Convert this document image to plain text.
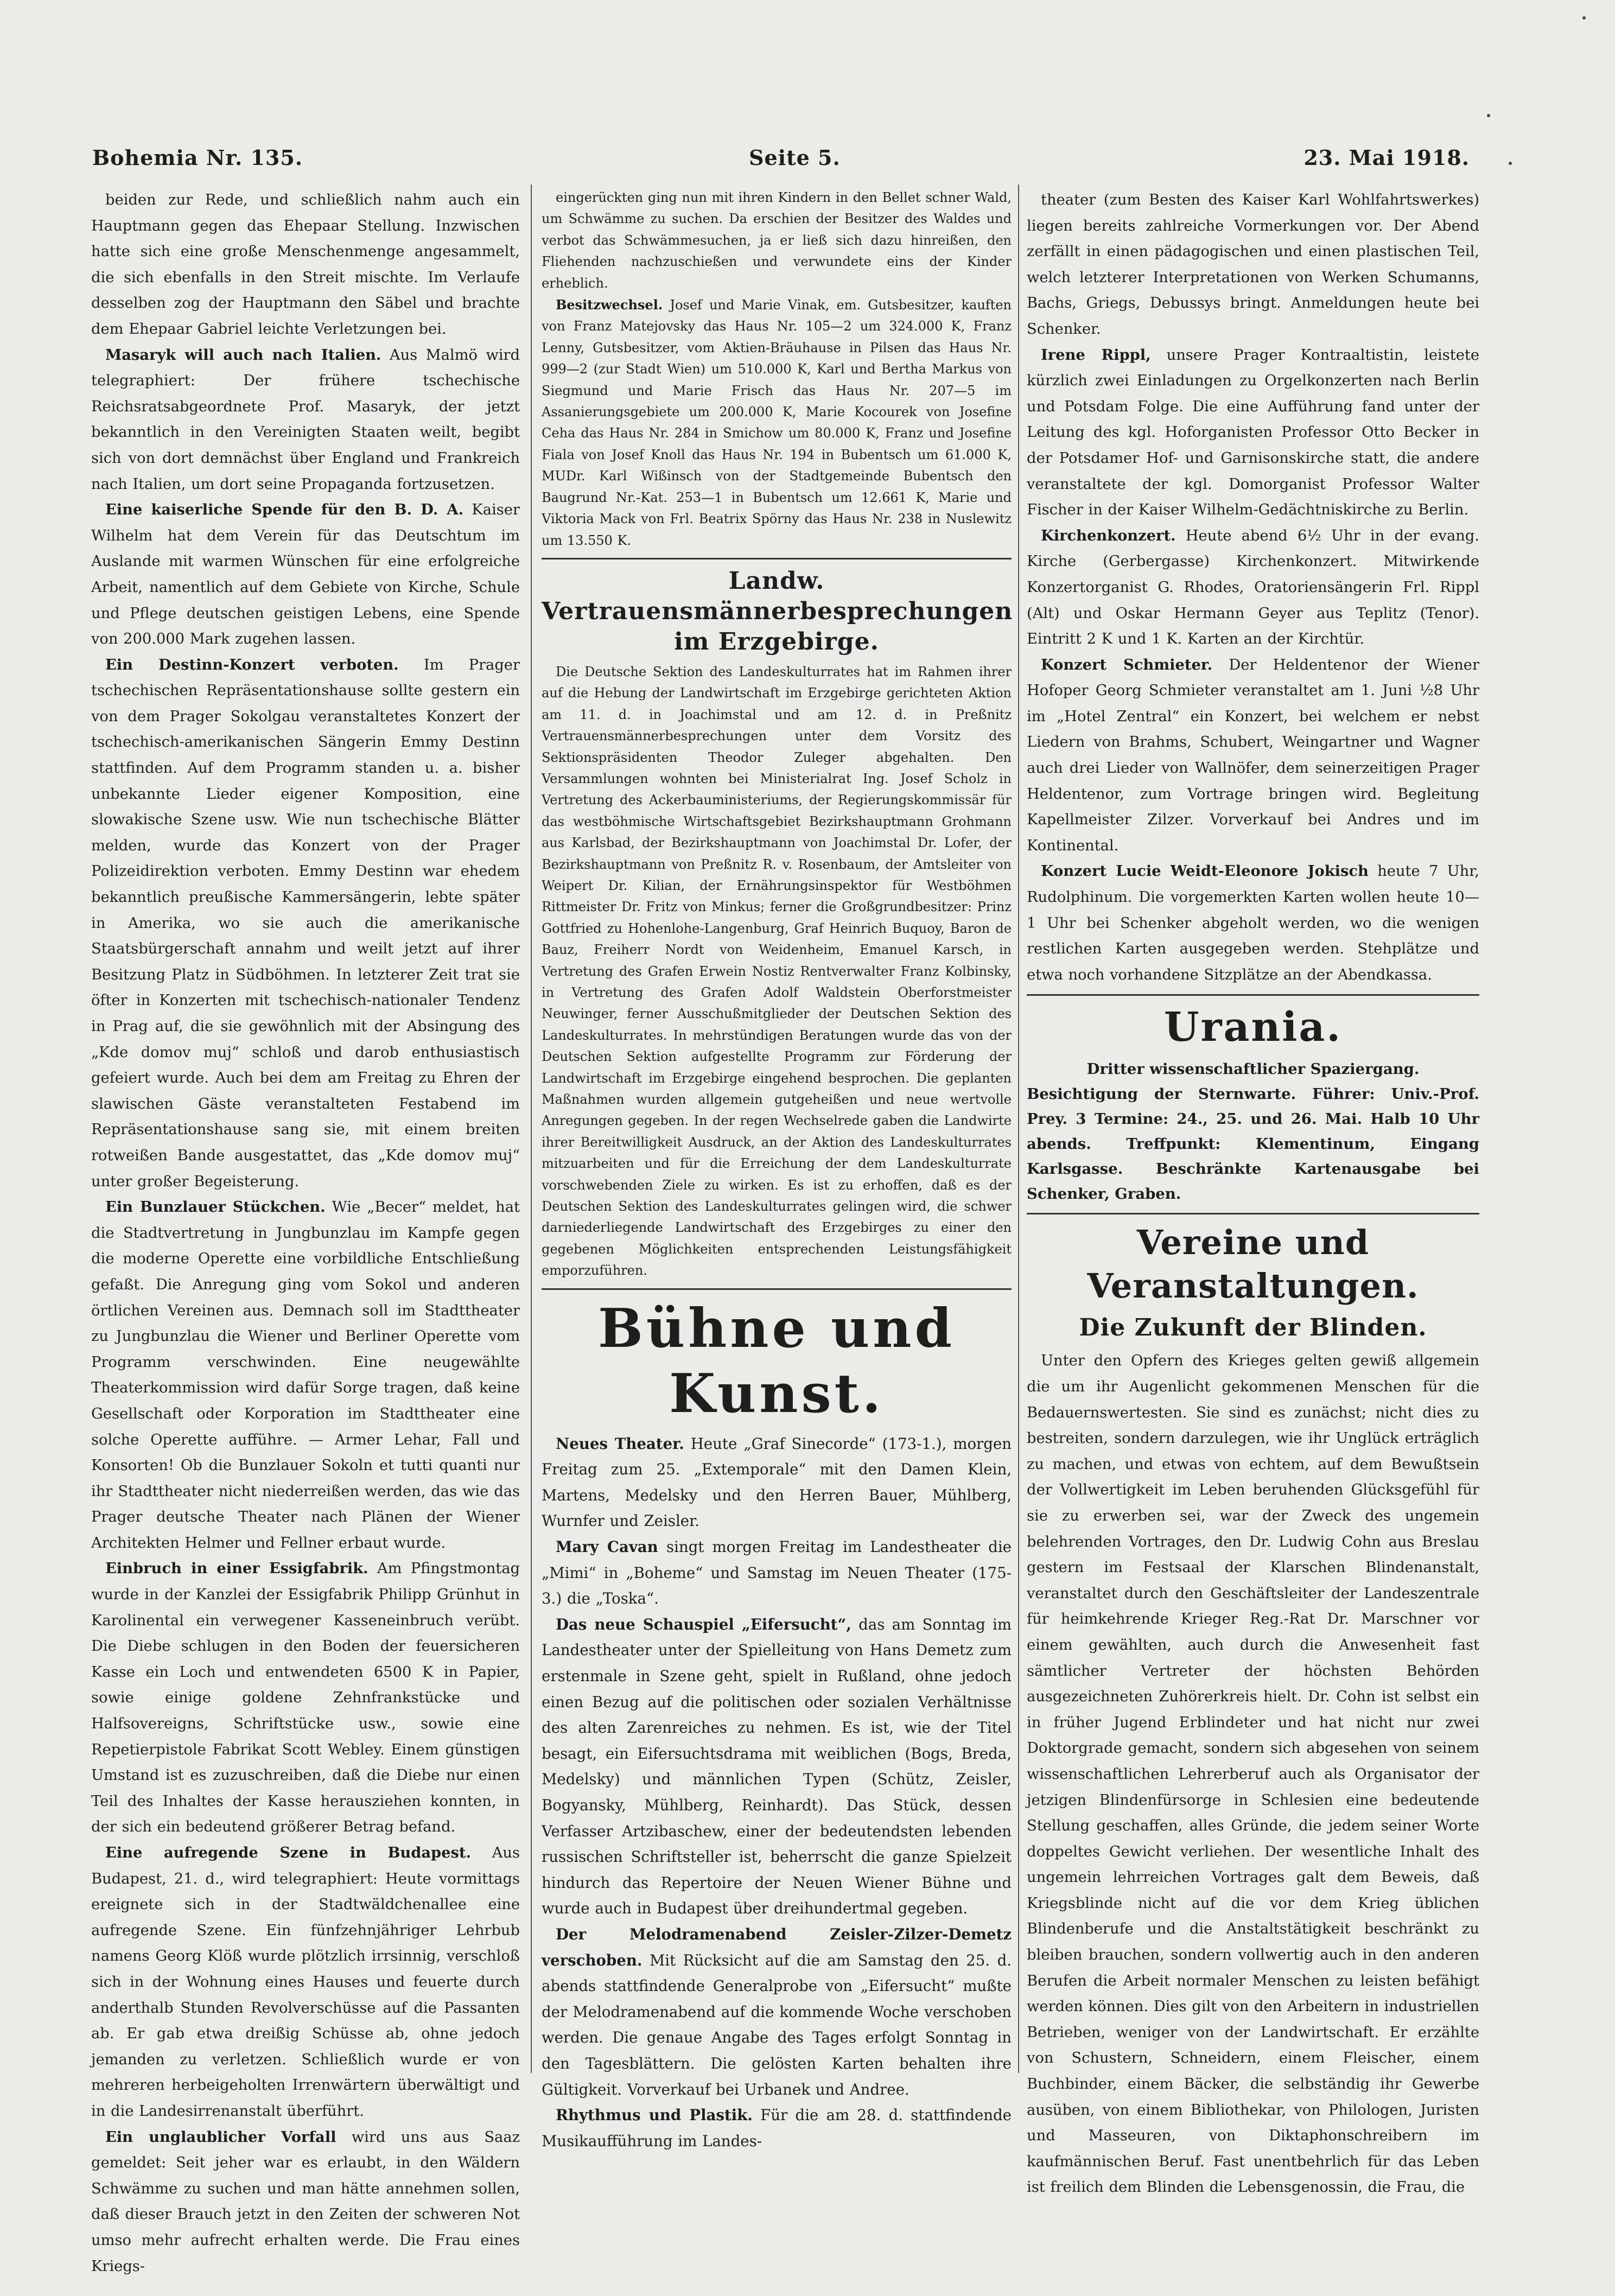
Bohemia Nr. 135.	Seite 5.	23. Mai 1918.

beiden zur Rede, und schließlich nahm auch ein Hauptmann gegen das Ehepaar Stellung. Inzwischen hatte sich eine große Menschenmenge angesammelt, die sich ebenfalls in den Streit mischte. Im Verlaufe desselben zog der Hauptmann den Säbel und brachte dem Ehepaar Gabriel leichte Verletzungen bei.

Masaryk will auch nach Italien. Aus Malmö wird telegraphiert: Der frühere tschechische Reichsratsabgeordnete Prof. Masaryk, der jetzt bekanntlich in den Vereinigten Staaten weilt, begibt sich von dort demnächst über England und Frankreich nach Italien, um dort seine Propaganda fortzusetzen.

Eine kaiserliche Spende für den B. D. A. Kaiser Wilhelm hat dem Verein für das Deutschtum im Auslande mit warmen Wünschen für eine erfolgreiche Arbeit, namentlich auf dem Gebiete von Kirche, Schule und Pflege deutschen geistigen Lebens, eine Spende von 200.000 Mark zugehen lassen.

Ein Destinn-Konzert verboten. Im Prager tschechischen Repräsentationshause sollte gestern ein von dem Prager Sokolgau veranstaltetes Konzert der tschechisch-amerikanischen Sängerin Emmy Destinn stattfinden. Auf dem Programm standen u. a. bisher unbekannte Lieder eigener Komposition, eine slowakische Szene usw. Wie nun tschechische Blätter melden, wurde das Konzert von der Prager Polizeidirektion verboten. Emmy Destinn war ehedem bekanntlich preußische Kammersängerin, lebte später in Amerika, wo sie auch die amerikanische Staatsbürgerschaft annahm und weilt jetzt auf ihrer Besitzung Platz in Südböhmen. In letzterer Zeit trat sie öfter in Konzerten mit tschechisch-nationaler Tendenz in Prag auf, die sie gewöhnlich mit der Absingung des „Kde domov muj“ schloß und darob enthusiastisch gefeiert wurde. Auch bei dem am Freitag zu Ehren der slawischen Gäste veranstalteten Festabend im Repräsentationshause sang sie, mit einem breiten rotweißen Bande ausgestattet, das „Kde domov muj“ unter großer Begeisterung.

Ein Bunzlauer Stückchen. Wie „Becer“ meldet, hat die Stadtvertretung in Jungbunzlau im Kampfe gegen die moderne Operette eine vorbildliche Entschließung gefaßt. Die Anregung ging vom Sokol und anderen örtlichen Vereinen aus. Demnach soll im Stadttheater zu Jungbunzlau die Wiener und Berliner Operette vom Programm verschwinden. Eine neugewählte Theaterkommission wird dafür Sorge tragen, daß keine Gesellschaft oder Korporation im Stadttheater eine solche Operette aufführe. — Armer Lehar, Fall und Konsorten! Ob die Bunzlauer Sokoln et tutti quanti nur ihr Stadttheater nicht niederreißen werden, das wie das Prager deutsche Theater nach Plänen der Wiener Architekten Helmer und Fellner erbaut wurde.

Einbruch in einer Essigfabrik. Am Pfingstmontag wurde in der Kanzlei der Essigfabrik Philipp Grünhut in Karolinental ein verwegener Kasseneinbruch verübt. Die Diebe schlugen in den Boden der feuersicheren Kasse ein Loch und entwendeten 6500 K in Papier, sowie einige goldene Zehnfrankstücke und Halfsovereigns, Schriftstücke usw., sowie eine Repetierpistole Fabrikat Scott Webley. Einem günstigen Umstand ist es zuzuschreiben, daß die Diebe nur einen Teil des Inhaltes der Kasse herausziehen konnten, in der sich ein bedeutend größerer Betrag befand.

Eine aufregende Szene in Budapest. Aus Budapest, 21. d., wird telegraphiert: Heute vormittags ereignete sich in der Stadtwäldchenallee eine aufregende Szene. Ein fünfzehnjähriger Lehrbub namens Georg Klöß wurde plötzlich irrsinnig, verschloß sich in der Wohnung eines Hauses und feuerte durch anderthalb Stunden Revolverschüsse auf die Passanten ab. Er gab etwa dreißig Schüsse ab, ohne jedoch jemanden zu verletzen. Schließlich wurde er von mehreren herbeigeholten Irrenwärtern überwältigt und in die Landesirrenanstalt überführt.

Ein unglaublicher Vorfall wird uns aus Saaz gemeldet: Seit jeher war es erlaubt, in den Wäldern Schwämme zu suchen und man hätte annehmen sollen, daß dieser Brauch jetzt in den Zeiten der schweren Not umso mehr aufrecht erhalten werde. Die Frau eines Kriegs-

eingerückten ging nun mit ihren Kindern in den Bellet schner Wald, um Schwämme zu suchen. Da erschien der Besitzer des Waldes und verbot das Schwämmesuchen, ja er ließ sich dazu hinreißen, den Fliehenden nachzuschießen und verwundete eins der Kinder erheblich.

Besitzwechsel. Josef und Marie Vinak, em. Gutsbesitzer, kauften von Franz Matejovsky das Haus Nr. 105—2 um 324.000 K, Franz Lenny, Gutsbesitzer, vom Aktien-Bräuhause in Pilsen das Haus Nr. 999—2 (zur Stadt Wien) um 510.000 K, Karl und Bertha Markus von Siegmund und Marie Frisch das Haus Nr. 207—5 im Assanierungsgebiete um 200.000 K, Marie Kocourek von Josefine Ceha das Haus Nr. 284 in Smichow um 80.000 K, Franz und Josefine Fiala von Josef Knoll das Haus Nr. 194 in Bubentsch um 61.000 K, MUDr. Karl Wißinsch von der Stadtgemeinde Bubentsch den Baugrund Nr.-Kat. 253—1 in Bubentsch um 12.661 K, Marie und Viktoria Mack von Frl. Beatrix Spörny das Haus Nr. 238 in Nuslewitz um 13.550 K.

Landw. Vertrauensmännerbesprechungen im Erzgebirge.

Die Deutsche Sektion des Landeskulturrates hat im Rahmen ihrer auf die Hebung der Landwirtschaft im Erzgebirge gerichteten Aktion am 11. d. in Joachimstal und am 12. d. in Preßnitz Vertrauensmännerbesprechungen unter dem Vorsitz des Sektionspräsidenten Theodor Zuleger abgehalten. Den Versammlungen wohnten bei Ministerialrat Ing. Josef Scholz in Vertretung des Ackerbauministeriums, der Regierungskommissär für das westböhmische Wirtschaftsgebiet Bezirkshauptmann Grohmann aus Karlsbad, der Bezirkshauptmann von Joachimstal Dr. Lofer, der Bezirkshauptmann von Preßnitz R. v. Rosenbaum, der Amtsleiter von Weipert Dr. Kilian, der Ernährungsinspektor für Westböhmen Rittmeister Dr. Fritz von Minkus; ferner die Großgrundbesitzer: Prinz Gottfried zu Hohenlohe-Langenburg, Graf Heinrich Buquoy, Baron de Bauz, Freiherr Nordt von Weidenheim, Emanuel Karsch, in Vertretung des Grafen Erwein Nostiz Rentverwalter Franz Kolbinsky, in Vertretung des Grafen Adolf Waldstein Oberforstmeister Neuwinger, ferner Ausschußmitglieder der Deutschen Sektion des Landeskulturrates. In mehrstündigen Beratungen wurde das von der Deutschen Sektion aufgestellte Programm zur Förderung der Landwirtschaft im Erzgebirge eingehend besprochen. Die geplanten Maßnahmen wurden allgemein gutgeheißen und neue wertvolle Anregungen gegeben. In der regen Wechselrede gaben die Landwirte ihrer Bereitwilligkeit Ausdruck, an der Aktion des Landeskulturrates mitzuarbeiten und für die Erreichung der dem Landeskulturrate vorschwebenden Ziele zu wirken. Es ist zu erhoffen, daß es der Deutschen Sektion des Landeskulturrates gelingen wird, die schwer darniederliegende Landwirtschaft des Erzgebirges zu einer den gegebenen Möglichkeiten entsprechenden Leistungsfähigkeit emporzuführen.

Bühne und Kunst.

Neues Theater. Heute „Graf Sinecorde“ (173-1.), morgen Freitag zum 25. „Extemporale“ mit den Damen Klein, Martens, Medelsky und den Herren Bauer, Mühlberg, Wurnfer und Zeisler.

Mary Cavan singt morgen Freitag im Landestheater die „Mimi“ in „Boheme“ und Samstag im Neuen Theater (175-3.) die „Toska“.

Das neue Schauspiel „Eifersucht“, das am Sonntag im Landestheater unter der Spielleitung von Hans Demetz zum erstenmale in Szene geht, spielt in Rußland, ohne jedoch einen Bezug auf die politischen oder sozialen Verhältnisse des alten Zarenreiches zu nehmen. Es ist, wie der Titel besagt, ein Eifersuchtsdrama mit weiblichen (Bogs, Breda, Medelsky) und männlichen Typen (Schütz, Zeisler, Bogyansky, Mühlberg, Reinhardt). Das Stück, dessen Verfasser Artzibaschew, einer der bedeutendsten lebenden russischen Schriftsteller ist, beherrscht die ganze Spielzeit hindurch das Repertoire der Neuen Wiener Bühne und wurde auch in Budapest über dreihundertmal gegeben.

Der Melodramenabend Zeisler-Zilzer-Demetz verschoben. Mit Rücksicht auf die am Samstag den 25. d. abends stattfindende Generalprobe von „Eifersucht“ mußte der Melodramenabend auf die kommende Woche verschoben werden. Die genaue Angabe des Tages erfolgt Sonntag in den Tagesblättern. Die gelösten Karten behalten ihre Gültigkeit. Vorverkauf bei Urbanek und Andree.

Rhythmus und Plastik. Für die am 28. d. stattfindende Musikaufführung im Landes-

theater (zum Besten des Kaiser Karl Wohlfahrtswerkes) liegen bereits zahlreiche Vormerkungen vor. Der Abend zerfällt in einen pädagogischen und einen plastischen Teil, welch letzterer Interpretationen von Werken Schumanns, Bachs, Griegs, Debussys bringt. Anmeldungen heute bei Schenker.

Irene Rippl, unsere Prager Kontraaltistin, leistete kürzlich zwei Einladungen zu Orgelkonzerten nach Berlin und Potsdam Folge. Die eine Aufführung fand unter der Leitung des kgl. Hoforganisten Professor Otto Becker in der Potsdamer Hof- und Garnisonskirche statt, die andere veranstaltete der kgl. Domorganist Professor Walter Fischer in der Kaiser Wilhelm-Gedächtniskirche zu Berlin.

Kirchenkonzert. Heute abend 6½ Uhr in der evang. Kirche (Gerbergasse) Kirchenkonzert. Mitwirkende Konzertorganist G. Rhodes, Oratoriensängerin Frl. Rippl (Alt) und Oskar Hermann Geyer aus Teplitz (Tenor). Eintritt 2 K und 1 K. Karten an der Kirchtür.

Konzert Schmieter. Der Heldentenor der Wiener Hofoper Georg Schmieter veranstaltet am 1. Juni ½8 Uhr im „Hotel Zentral“ ein Konzert, bei welchem er nebst Liedern von Brahms, Schubert, Weingartner und Wagner auch drei Lieder von Wallnöfer, dem seinerzeitigen Prager Heldentenor, zum Vortrage bringen wird. Begleitung Kapellmeister Zilzer. Vorverkauf bei Andres und im Kontinental.

Konzert Lucie Weidt-Eleonore Jokisch heute 7 Uhr, Rudolphinum. Die vorgemerkten Karten wollen heute 10—1 Uhr bei Schenker abgeholt werden, wo die wenigen restlichen Karten ausgegeben werden. Stehplätze und etwa noch vorhandene Sitzplätze an der Abendkassa.

Urania.
Dritter wissenschaftlicher Spaziergang.
Besichtigung der Sternwarte. Führer: Univ.-Prof. Prey. 3 Termine: 24., 25. und 26. Mai. Halb 10 Uhr abends. Treffpunkt: Klementinum, Eingang Karlsgasse. Beschränkte Kartenausgabe bei Schenker, Graben.
Vereine und Veranstaltungen.
Die Zukunft der Blinden.

Unter den Opfern des Krieges gelten gewiß allgemein die um ihr Augenlicht gekommenen Menschen für die Bedauernswertesten. Sie sind es zunächst; nicht dies zu bestreiten, sondern darzulegen, wie ihr Unglück erträglich zu machen, und etwas von echtem, auf dem Bewußtsein der Vollwertigkeit im Leben beruhenden Glücksgefühl für sie zu erwerben sei, war der Zweck des ungemein belehrenden Vortrages, den Dr. Ludwig Cohn aus Breslau gestern im Festsaal der Klarschen Blindenanstalt, veranstaltet durch den Geschäftsleiter der Landeszentrale für heimkehrende Krieger Reg.-Rat Dr. Marschner vor einem gewählten, auch durch die Anwesenheit fast sämtlicher Vertreter der höchsten Behörden ausgezeichneten Zuhörerkreis hielt. Dr. Cohn ist selbst ein in früher Jugend Erblindeter und hat nicht nur zwei Doktorgrade gemacht, sondern sich abgesehen von seinem wissenschaftlichen Lehrerberuf auch als Organisator der jetzigen Blindenfürsorge in Schlesien eine bedeutende Stellung geschaffen, alles Gründe, die jedem seiner Worte doppeltes Gewicht verliehen. Der wesentliche Inhalt des ungemein lehrreichen Vortrages galt dem Beweis, daß Kriegsblinde nicht auf die vor dem Krieg üblichen Blindenberufe und die Anstaltstätigkeit beschränkt zu bleiben brauchen, sondern vollwertig auch in den anderen Berufen die Arbeit normaler Menschen zu leisten befähigt werden können. Dies gilt von den Arbeitern in industriellen Betrieben, weniger von der Landwirtschaft. Er erzählte von Schustern, Schneidern, einem Fleischer, einem Buchbinder, einem Bäcker, die selbständig ihr Gewerbe ausüben, von einem Bibliothekar, von Philologen, Juristen und Masseuren, von Diktaphonschreibern im kaufmännischen Beruf. Fast unentbehrlich für das Leben ist freilich dem Blinden die Lebensgenossin, die Frau, die
